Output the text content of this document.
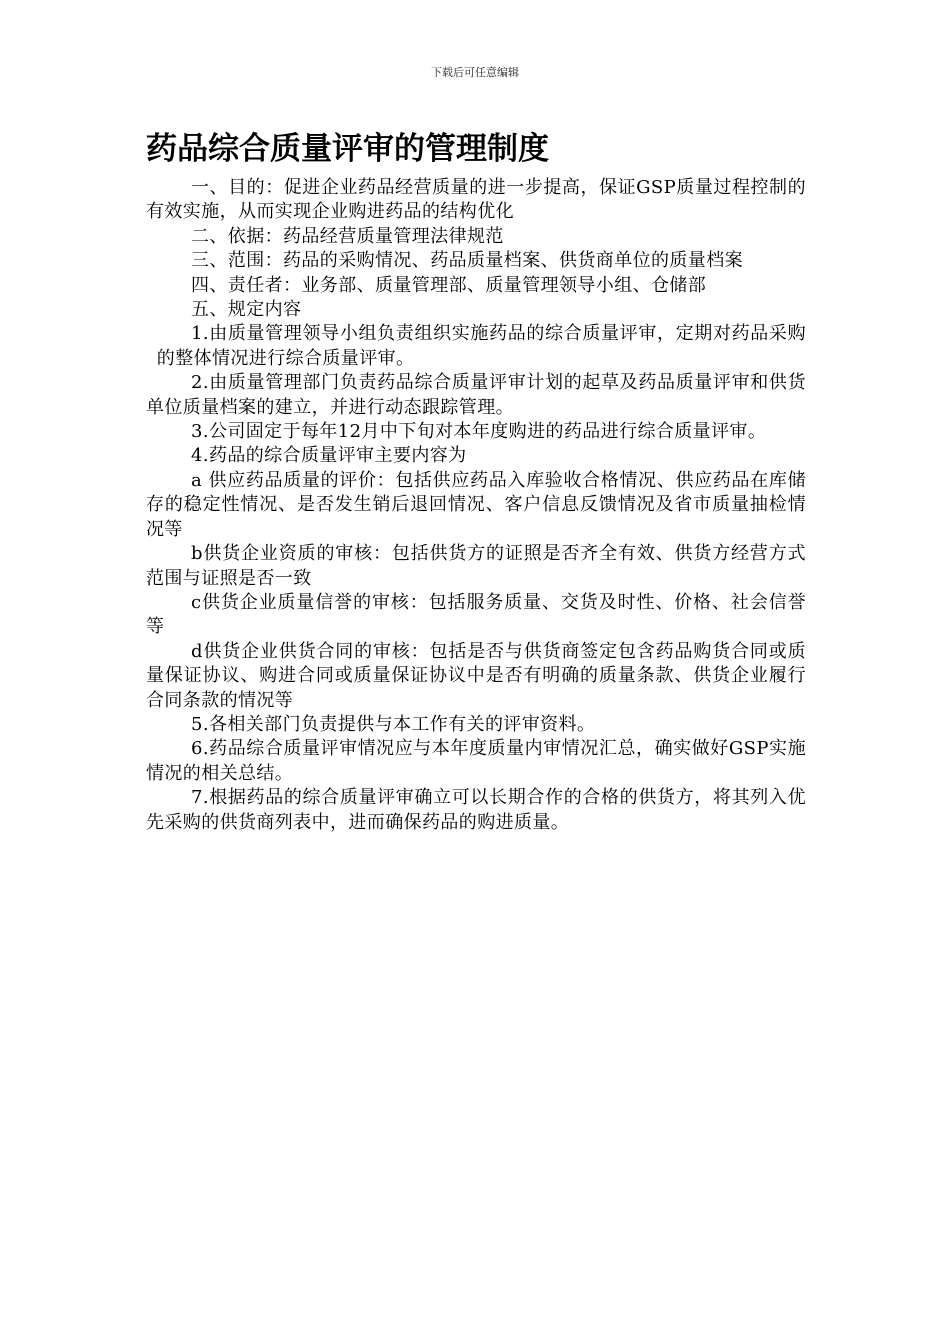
下载后可任意编辑
药品综合质量评审的管理制度

一、目的：促进企业药品经营质量的进一步提高，保证GSP质量过程控制的有效实施，从而实现企业购进药品的结构优化

二、依据：药品经营质量管理法律规范

三、范围：药品的采购情况、药品质量档案、供货商单位的质量档案

四、责任者：业务部、质量管理部、质量管理领导小组、仓储部

五、规定内容

1.由质量管理领导小组负责组织实施药品的综合质量评审，定期对药品采购的整体情况进行综合质量评审。

2.由质量管理部门负责药品综合质量评审计划的起草及药品质量评审和供货单位质量档案的建立，并进行动态跟踪管理。

3.公司固定于每年12月中下旬对本年度购进的药品进行综合质量评审。

4.药品的综合质量评审主要内容为

a 供应药品质量的评价：包括供应药品入库验收合格情况、供应药品在库储存的稳定性情况、是否发生销后退回情况、客户信息反馈情况及省市质量抽检情况等

b供货企业资质的审核：包括供货方的证照是否齐全有效、供货方经营方式范围与证照是否一致

c供货企业质量信誉的审核：包括服务质量、交货及时性、价格、社会信誉等

d供货企业供货合同的审核：包括是否与供货商签定包含药品购货合同或质量保证协议、购进合同或质量保证协议中是否有明确的质量条款、供货企业履行合同条款的情况等

5.各相关部门负责提供与本工作有关的评审资料。

6.药品综合质量评审情况应与本年度质量内审情况汇总，确实做好GSP实施情况的相关总结。

7.根据药品的综合质量评审确立可以长期合作的合格的供货方，将其列入优先采购的供货商列表中，进而确保药品的购进质量。
